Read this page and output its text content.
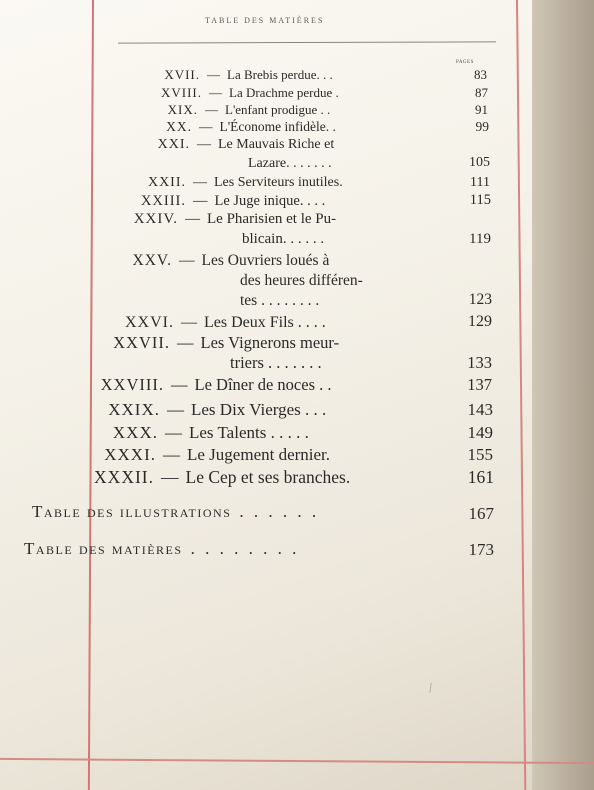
TABLE DES MATIÈRES
PAGES
XVII. — La Brebis perdue. . .	83
XVIII. — La Drachme perdue .	87
XIX. — L'enfant prodigue . .	91
XX. — L'Économe infidèle. .	99
XXI. — Le Mauvais Riche et
Lazare. . . . . . .	105
XXII. — Les Serviteurs inutiles.	111
XXIII. — Le Juge inique. . . .	115
XXIV. — Le Pharisien et le Pu-
blicain. . . . . .	119
XXV. — Les Ouvriers loués à
des heures différen-
tes . . . . . . . .	123
XXVI. — Les Deux Fils . . . .	129
XXVII. — Les Vignerons meur-
triers . . . . . . .	133
XXVIII. — Le Dîner de noces . .	137
XXIX. — Les Dix Vierges . . .	143
XXX. — Les Talents . . . . .	149
XXXI. — Le Jugement dernier.	155
XXXII. — Le Cep et ses branches.	161
Table des illustrations . . . . . .	167
Table des matières . . . . . . . .	173
